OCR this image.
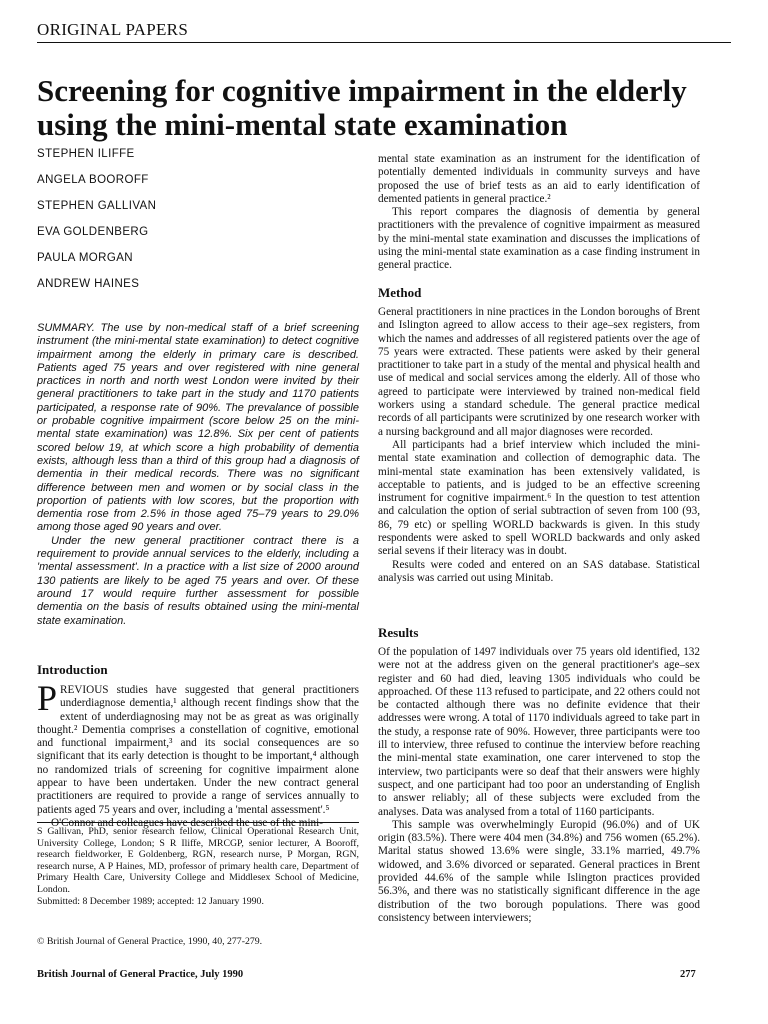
ORIGINAL PAPERS
Screening for cognitive impairment in the elderly using the mini-mental state examination
STEPHEN ILIFFE
ANGELA BOOROFF
STEPHEN GALLIVAN
EVA GOLDENBERG
PAULA MORGAN
ANDREW HAINES

SUMMARY. The use by non-medical staff of a brief screening instrument (the mini-mental state examination) to detect cognitive impairment among the elderly in primary care is described. Patients aged 75 years and over registered with nine general practices in north and north west London were invited by their general practitioners to take part in the study and 1170 patients participated, a response rate of 90%. The prevalance of possible or probable cognitive impairment (score below 25 on the mini-mental state examination) was 12.8%. Six per cent of patients scored below 19, at which score a high probability of dementia exists, although less than a third of this group had a diagnosis of dementia in their medical records. There was no significant difference between men and women or by social class in the proportion of patients with low scores, but the proportion with dementia rose from 2.5% in those aged 75–79 years to 29.0% among those aged 90 years and over.

Under the new general practitioner contract there is a requirement to provide annual services to the elderly, including a 'mental assessment'. In a practice with a list size of 2000 around 130 patients are likely to be aged 75 years and over. Of these around 17 would require further assessment for possible dementia on the basis of results obtained using the mini-mental state examination.

Introduction

PREVIOUS studies have suggested that general practitioners underdiagnose dementia,¹ although recent findings show that the extent of underdiagnosing may not be as great as was originally thought.² Dementia comprises a constellation of cognitive, emotional and functional impairment,³ and its social consequences are so significant that its early detection is thought to be important,⁴ although no randomized trials of screening for cognitive impairment alone appear to have been undertaken. Under the new contract general practitioners are required to provide a range of services annually to patients aged 75 years and over, including a 'mental assessment'.⁵

S Gallivan, PhD, senior research fellow, Clinical Operational Research Unit, University College, London; S R Iliffe, MRCGP, senior lecturer, A Booroff, research fieldworker, E Goldenberg, RGN, research nurse, P Morgan, RGN, research nurse, A P Haines, MD, professor of primary health care, Department of Primary Health Care, University College and Middlesex School of Medicine, London.
Submitted: 8 December 1989; accepted: 12 January 1990.
© British Journal of General Practice, 1990, 40, 277-279.

mental state examination as an instrument for the identification of potentially demented individuals in community surveys and have proposed the use of brief tests as an aid to early identification of demented patients in general practice.²

This report compares the diagnosis of dementia by general practitioners with the prevalence of cognitive impairment as measured by the mini-mental state examination and discusses the implications of using the mini-mental state examination as a case finding instrument in general practice.

Method

General practitioners in nine practices in the London boroughs of Brent and Islington agreed to allow access to their age–sex registers, from which the names and addresses of all registered patients over the age of 75 years were extracted. These patients were asked by their general practitioner to take part in a study of the mental and physical health and use of medical and social services among the elderly. All of those who agreed to participate were interviewed by trained non-medical field workers using a standard schedule. The general practice medical records of all participants were scrutinized by one research worker with a nursing background and all major diagnoses were recorded.

All participants had a brief interview which included the mini-mental state examination and collection of demographic data. The mini-mental state examination has been extensively validated, is acceptable to patients, and is judged to be an effective screening instrument for cognitive impairment.⁶ In the question to test attention and calculation the option of serial subtraction of seven from 100 (93, 86, 79 etc) or spelling WORLD backwards is given. In this study respondents were asked to spell WORLD backwards and only asked serial sevens if their literacy was in doubt.

Results were coded and entered on an SAS database. Statistical analysis was carried out using Minitab.

Results

Of the population of 1497 individuals over 75 years old identified, 132 were not at the address given on the general practitioner's age–sex register and 60 had died, leaving 1305 individuals who could be approached. Of these 113 refused to participate, and 22 others could not be contacted although there was no definite evidence that their addresses were wrong. A total of 1170 individuals agreed to take part in the study, a response rate of 90%. However, three participants were too ill to interview, three refused to continue the interview before reaching the mini-mental state examination, one carer intervened to stop the interview, two participants were so deaf that their answers were highly suspect, and one participant had too poor an understanding of English to answer reliably; all of these subjects were excluded from the analyses. Data was analysed from a total of 1160 participants.

This sample was overwhelmingly Europid (96.0%) and of UK origin (83.5%). There were 404 men (34.8%) and 756 women (65.2%). Marital status showed 13.6% were single, 33.1% married, 49.7% widowed, and 3.6% divorced or separated. General practices in Brent provided 44.6% of the sample while Islington practices provided 56.3%, and there was no statistically significant difference in the age distribution of the two borough populations. There was good consistency between interviewers;

British Journal of General Practice, July 1990	277
